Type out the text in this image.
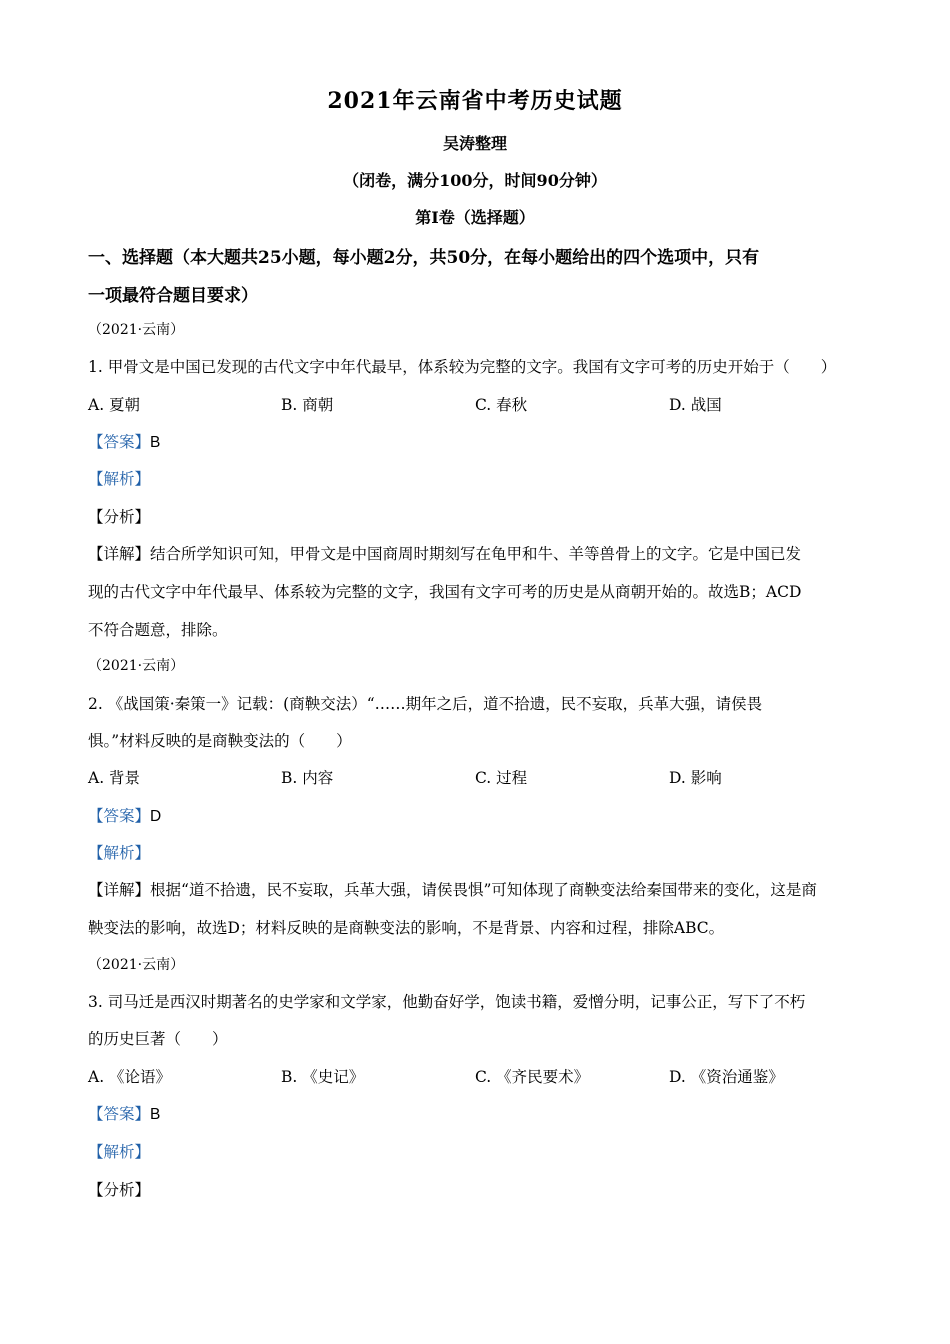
2021年云南省中考历史试题
吴涛整理
（闭卷，满分100分，时间90分钟）
第Ⅰ卷（选择题）
一、选择题（本大题共25小题，每小题2分，共50分，在每小题给出的四个选项中，只有
一项最符合题目要求）
（2021·云南）
1. 甲骨文是中国已发现的古代文字中年代最早，体系较为完整的文字。我国有文字可考的历史开始于（　　）
A. 夏朝	B. 商朝	C. 春秋	D. 战国
【答案】B
【解析】
【分析】
【详解】结合所学知识可知，甲骨文是中国商周时期刻写在龟甲和牛、羊等兽骨上的文字。它是中国已发
现的古代文字中年代最早、体系较为完整的文字，我国有文字可考的历史是从商朝开始的。故选B；ACD
不符合题意，排除。
（2021·云南）
2. 《战国策·秦策一》记载：(商鞅交法）“……期年之后，道不拾遗，民不妄取，兵革大强，请侯畏
惧。”材料反映的是商鞅变法的（　　）
A. 背景	B. 内容	C. 过程	D. 影响
【答案】D
【解析】
【详解】根据“道不拾遗，民不妄取，兵革大强，请侯畏惧”可知体现了商鞅变法给秦国带来的变化，这是商
鞅变法的影响，故选D；材料反映的是商鞅变法的影响，不是背景、内容和过程，排除ABC。
（2021·云南）
3. 司马迁是西汉时期著名的史学家和文学家，他勤奋好学，饱读书籍，爱憎分明，记事公正，写下了不朽
的历史巨著（　　）
A. 《论语》	B. 《史记》	C. 《齐民要术》	D. 《资治通鉴》
【答案】B
【解析】
【分析】
